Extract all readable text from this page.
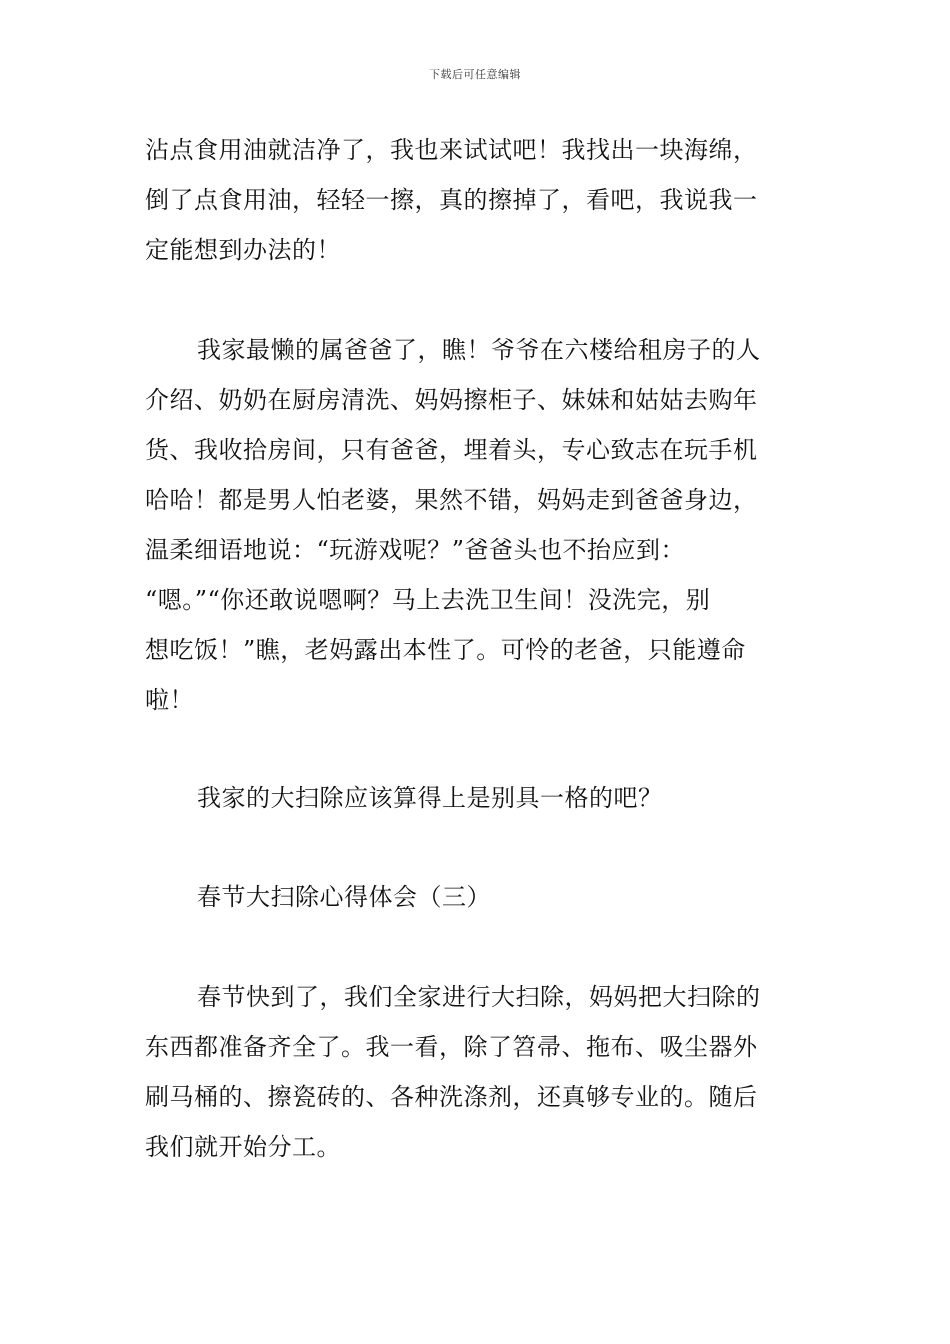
下载后可任意编辑
沾点食用油就洁净了，我也来试试吧！我找出一块海绵，
倒了点食用油，轻轻一擦，真的擦掉了，看吧，我说我一
定能想到办法的！
我家最懒的属爸爸了，瞧！爷爷在六楼给租房子的人
介绍、奶奶在厨房清洗、妈妈擦柜子、妹妹和姑姑去购年
货、我收拾房间，只有爸爸，埋着头，专心致志在玩手机
哈哈！都是男人怕老婆，果然不错，妈妈走到爸爸身边，
温柔细语地说：“玩游戏呢？”爸爸头也不抬应到：
“嗯。”“你还敢说嗯啊？马上去洗卫生间！没洗完，别
想吃饭！”瞧，老妈露出本性了。可怜的老爸，只能遵命
啦！
我家的大扫除应该算得上是别具一格的吧？
春节大扫除心得体会（三）
春节快到了，我们全家进行大扫除，妈妈把大扫除的
东西都准备齐全了。我一看，除了笤帚、拖布、吸尘器外
刷马桶的、擦瓷砖的、各种洗涤剂，还真够专业的。随后
我们就开始分工。
